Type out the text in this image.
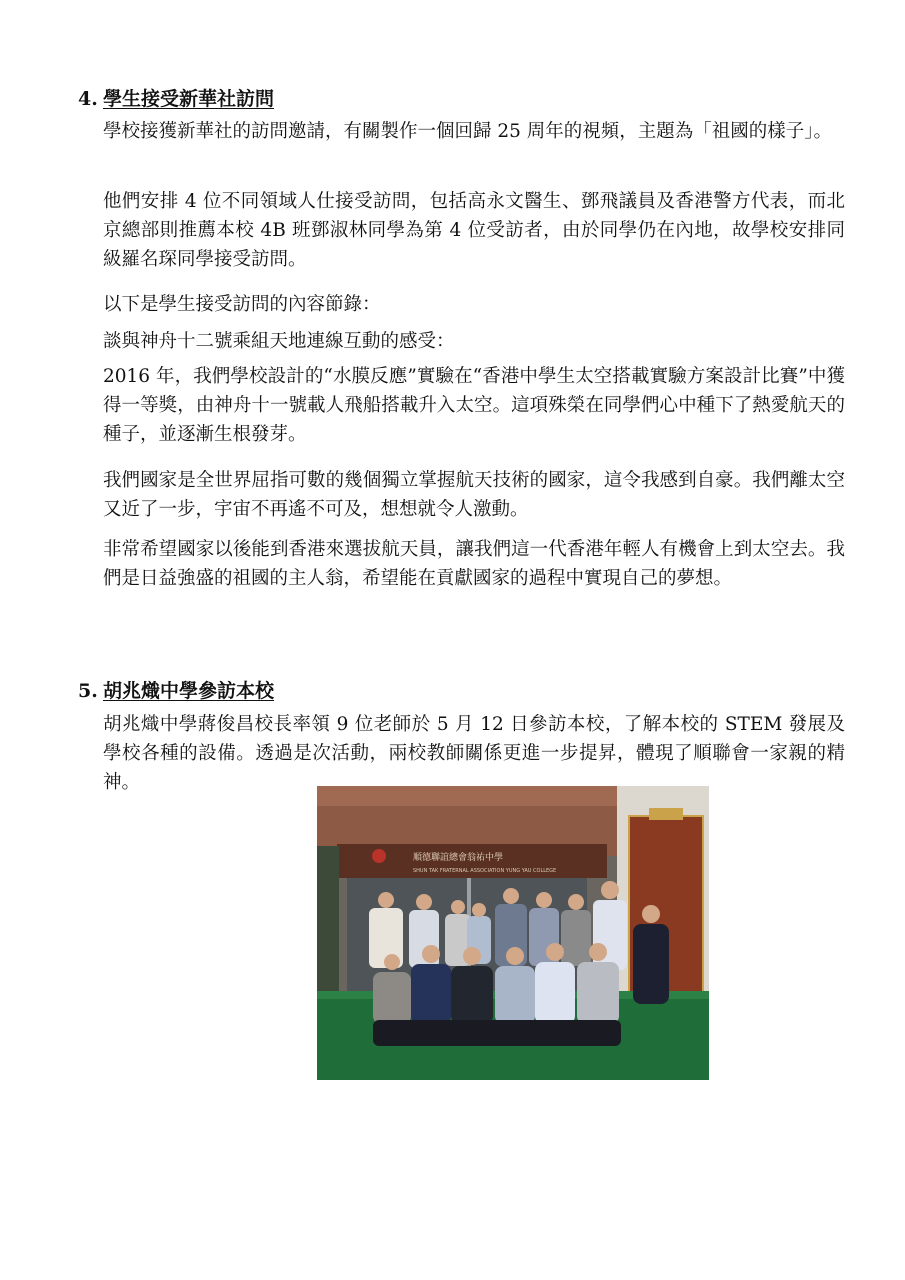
4. 學生接受新華社訪問
學校接獲新華社的訪問邀請，有關製作一個回歸 25 周年的視頻，主題為「祖國的樣子」。
他們安排 4 位不同領域人仕接受訪問，包括高永文醫生、鄧飛議員及香港警方代表，而北京總部則推薦本校 4B 班鄧淑林同學為第 4 位受訪者，由於同學仍在內地，故學校安排同級羅名琛同學接受訪問。
以下是學生接受訪問的內容節錄：
談與神舟十二號乘組天地連線互動的感受：
2016 年，我們學校設計的“水膜反應”實驗在“香港中學生太空搭載實驗方案設計比賽”中獲得一等獎，由神舟十一號載人飛船搭載升入太空。這項殊榮在同學們心中種下了熱愛航天的種子，並逐漸生根發芽。
我們國家是全世界屈指可數的幾個獨立掌握航天技術的國家，這令我感到自豪。我們離太空又近了一步，宇宙不再遙不可及，想想就令人激動。
非常希望國家以後能到香港來選拔航天員，讓我們這一代香港年輕人有機會上到太空去。我們是日益強盛的祖國的主人翁，希望能在貢獻國家的過程中實現自己的夢想。
5. 胡兆熾中學參訪本校
胡兆熾中學蔣俊昌校長率領 9 位老師於 5 月 12 日參訪本校，了解本校的 STEM 發展及學校各種的設備。透過是次活動，兩校教師關係更進一步提昇，體現了順聯會一家親的精神。
順德聯誼總會翁祐中學
SHUN TAK FRATERNAL ASSOCIATION YUNG YAU COLLEGE
